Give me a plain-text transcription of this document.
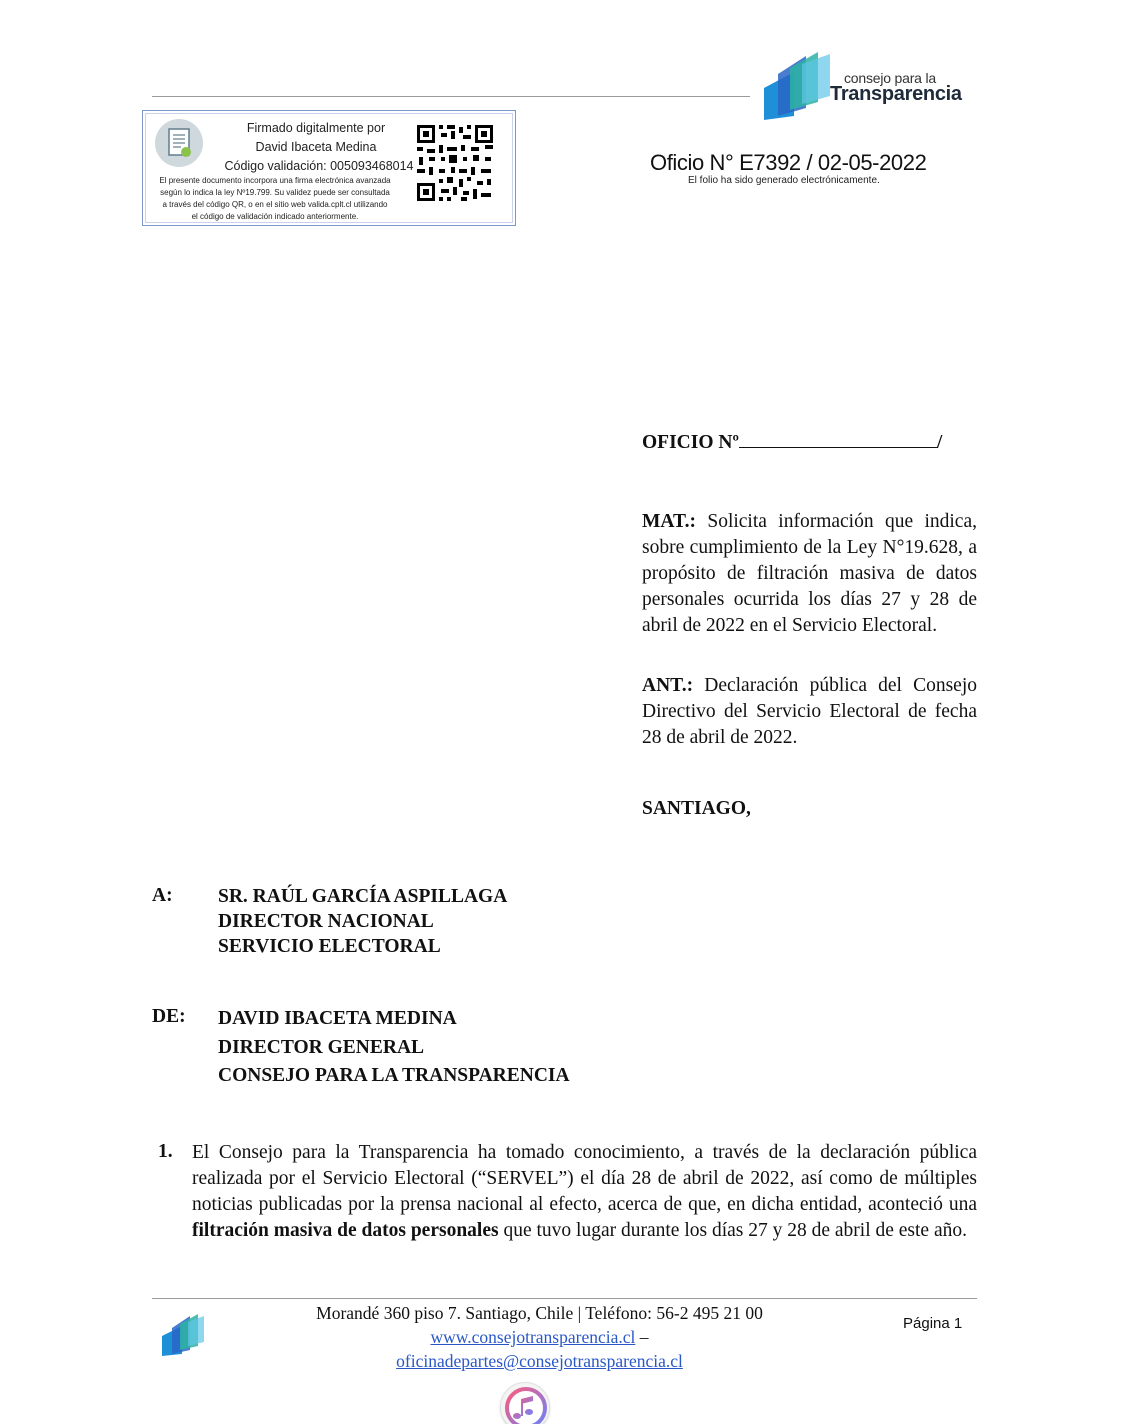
consejo para la
Transparencia
Firmado digitalmente por
David Ibaceta Medina
Código validación: 005093468014
El presente documento incorpora una firma electrónica avanzada
según lo indica la ley Nº19.799. Su validez puede ser consultada
a través del código QR, o en el sitio web valida.cplt.cl utilizando
el código de validación indicado anteriormente.
Oficio N° E7392 / 02-05-2022
El folio ha sido generado electrónicamente.
OFICIO Nº	/
MAT.: Solicita información que indica, sobre cumplimiento de la Ley N°19.628, a propósito de filtración masiva de datos personales ocurrida los días 27 y 28 de abril de 2022 en el Servicio Electoral.
ANT.: Declaración pública del Consejo Directivo del Servicio Electoral de fecha 28 de abril de 2022.
SANTIAGO,
A: SR. RAÚL GARCÍA ASPILLAGA
DIRECTOR NACIONAL
SERVICIO ELECTORAL
DE: DAVID IBACETA MEDINA
DIRECTOR GENERAL
CONSEJO PARA LA TRANSPARENCIA
1. El Consejo para la Transparencia ha tomado conocimiento, a través de la declaración pública realizada por el Servicio Electoral (“SERVEL”) el día 28 de abril de 2022, así como de múltiples noticias publicadas por la prensa nacional al efecto, acerca de que, en dicha entidad, aconteció una filtración masiva de datos personales que tuvo lugar durante los días 27 y 28 de abril de este año.
Morandé 360 piso 7. Santiago, Chile | Teléfono: 56-2 495 21 00
www.consejotransparencia.cl –
oficinadepartes@consejotransparencia.cl
Página 1
